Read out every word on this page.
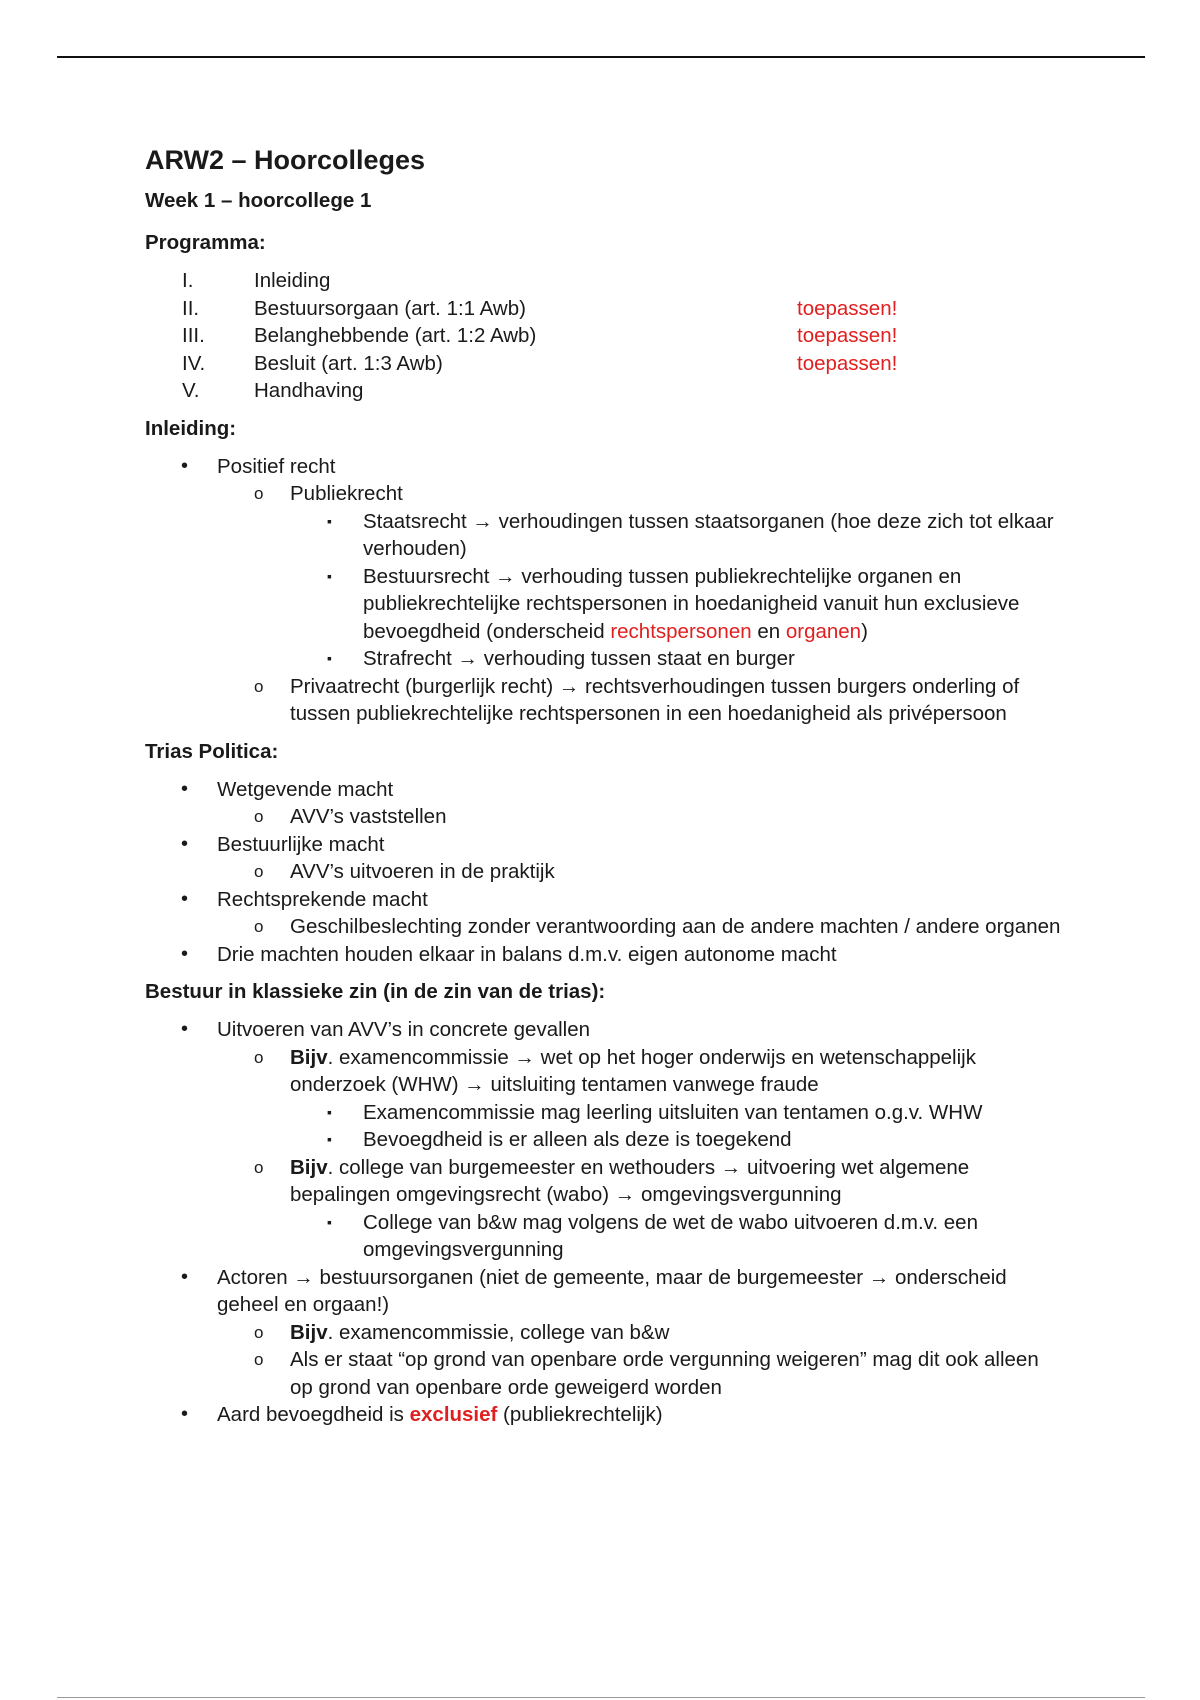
ARW2 – Hoorcolleges
Week 1 – hoorcollege 1
Programma:
I.	Inleiding
II.	Bestuursorgaan (art. 1:1 Awb)	toepassen!
III. Belanghebbende (art. 1:2 Awb)	toepassen!
IV. Besluit (art. 1:3 Awb)	toepassen!
V.	Handhaving
Inleiding:
• Positief recht
o Publiekrecht
▪ Staatsrecht → verhoudingen tussen staatsorganen (hoe deze zich tot elkaar verhouden)
▪ Bestuursrecht → verhouding tussen publiekrechtelijke organen en publiekrechtelijke rechtspersonen in hoedanigheid vanuit hun exclusieve bevoegdheid (onderscheid rechtspersonen en organen)
▪ Strafrecht → verhouding tussen staat en burger
o Privaatrecht (burgerlijk recht) → rechtsverhoudingen tussen burgers onderling of tussen publiekrechtelijke rechtspersonen in een hoedanigheid als privépersoon
Trias Politica:
• Wetgevende macht
o AVV’s vaststellen
• Bestuurlijke macht
o AVV’s uitvoeren in de praktijk
• Rechtsprekende macht
o Geschilbeslechting zonder verantwoording aan de andere machten / andere organen
• Drie machten houden elkaar in balans d.m.v. eigen autonome macht
Bestuur in klassieke zin (in de zin van de trias):
• Uitvoeren van AVV’s in concrete gevallen
o Bijv. examencommissie → wet op het hoger onderwijs en wetenschappelijk onderzoek (WHW) → uitsluiting tentamen vanwege fraude
▪ Examencommissie mag leerling uitsluiten van tentamen o.g.v. WHW
▪ Bevoegdheid is er alleen als deze is toegekend
o Bijv. college van burgemeester en wethouders → uitvoering wet algemene bepalingen omgevingsrecht (wabo) → omgevingsvergunning
▪ College van b&w mag volgens de wet de wabo uitvoeren d.m.v. een omgevingsvergunning
• Actoren → bestuursorganen (niet de gemeente, maar de burgemeester → onderscheid geheel en orgaan!)
o Bijv. examencommissie, college van b&w
o Als er staat “op grond van openbare orde vergunning weigeren” mag dit ook alleen op grond van openbare orde geweigerd worden
• Aard bevoegdheid is exclusief (publiekrechtelijk)
